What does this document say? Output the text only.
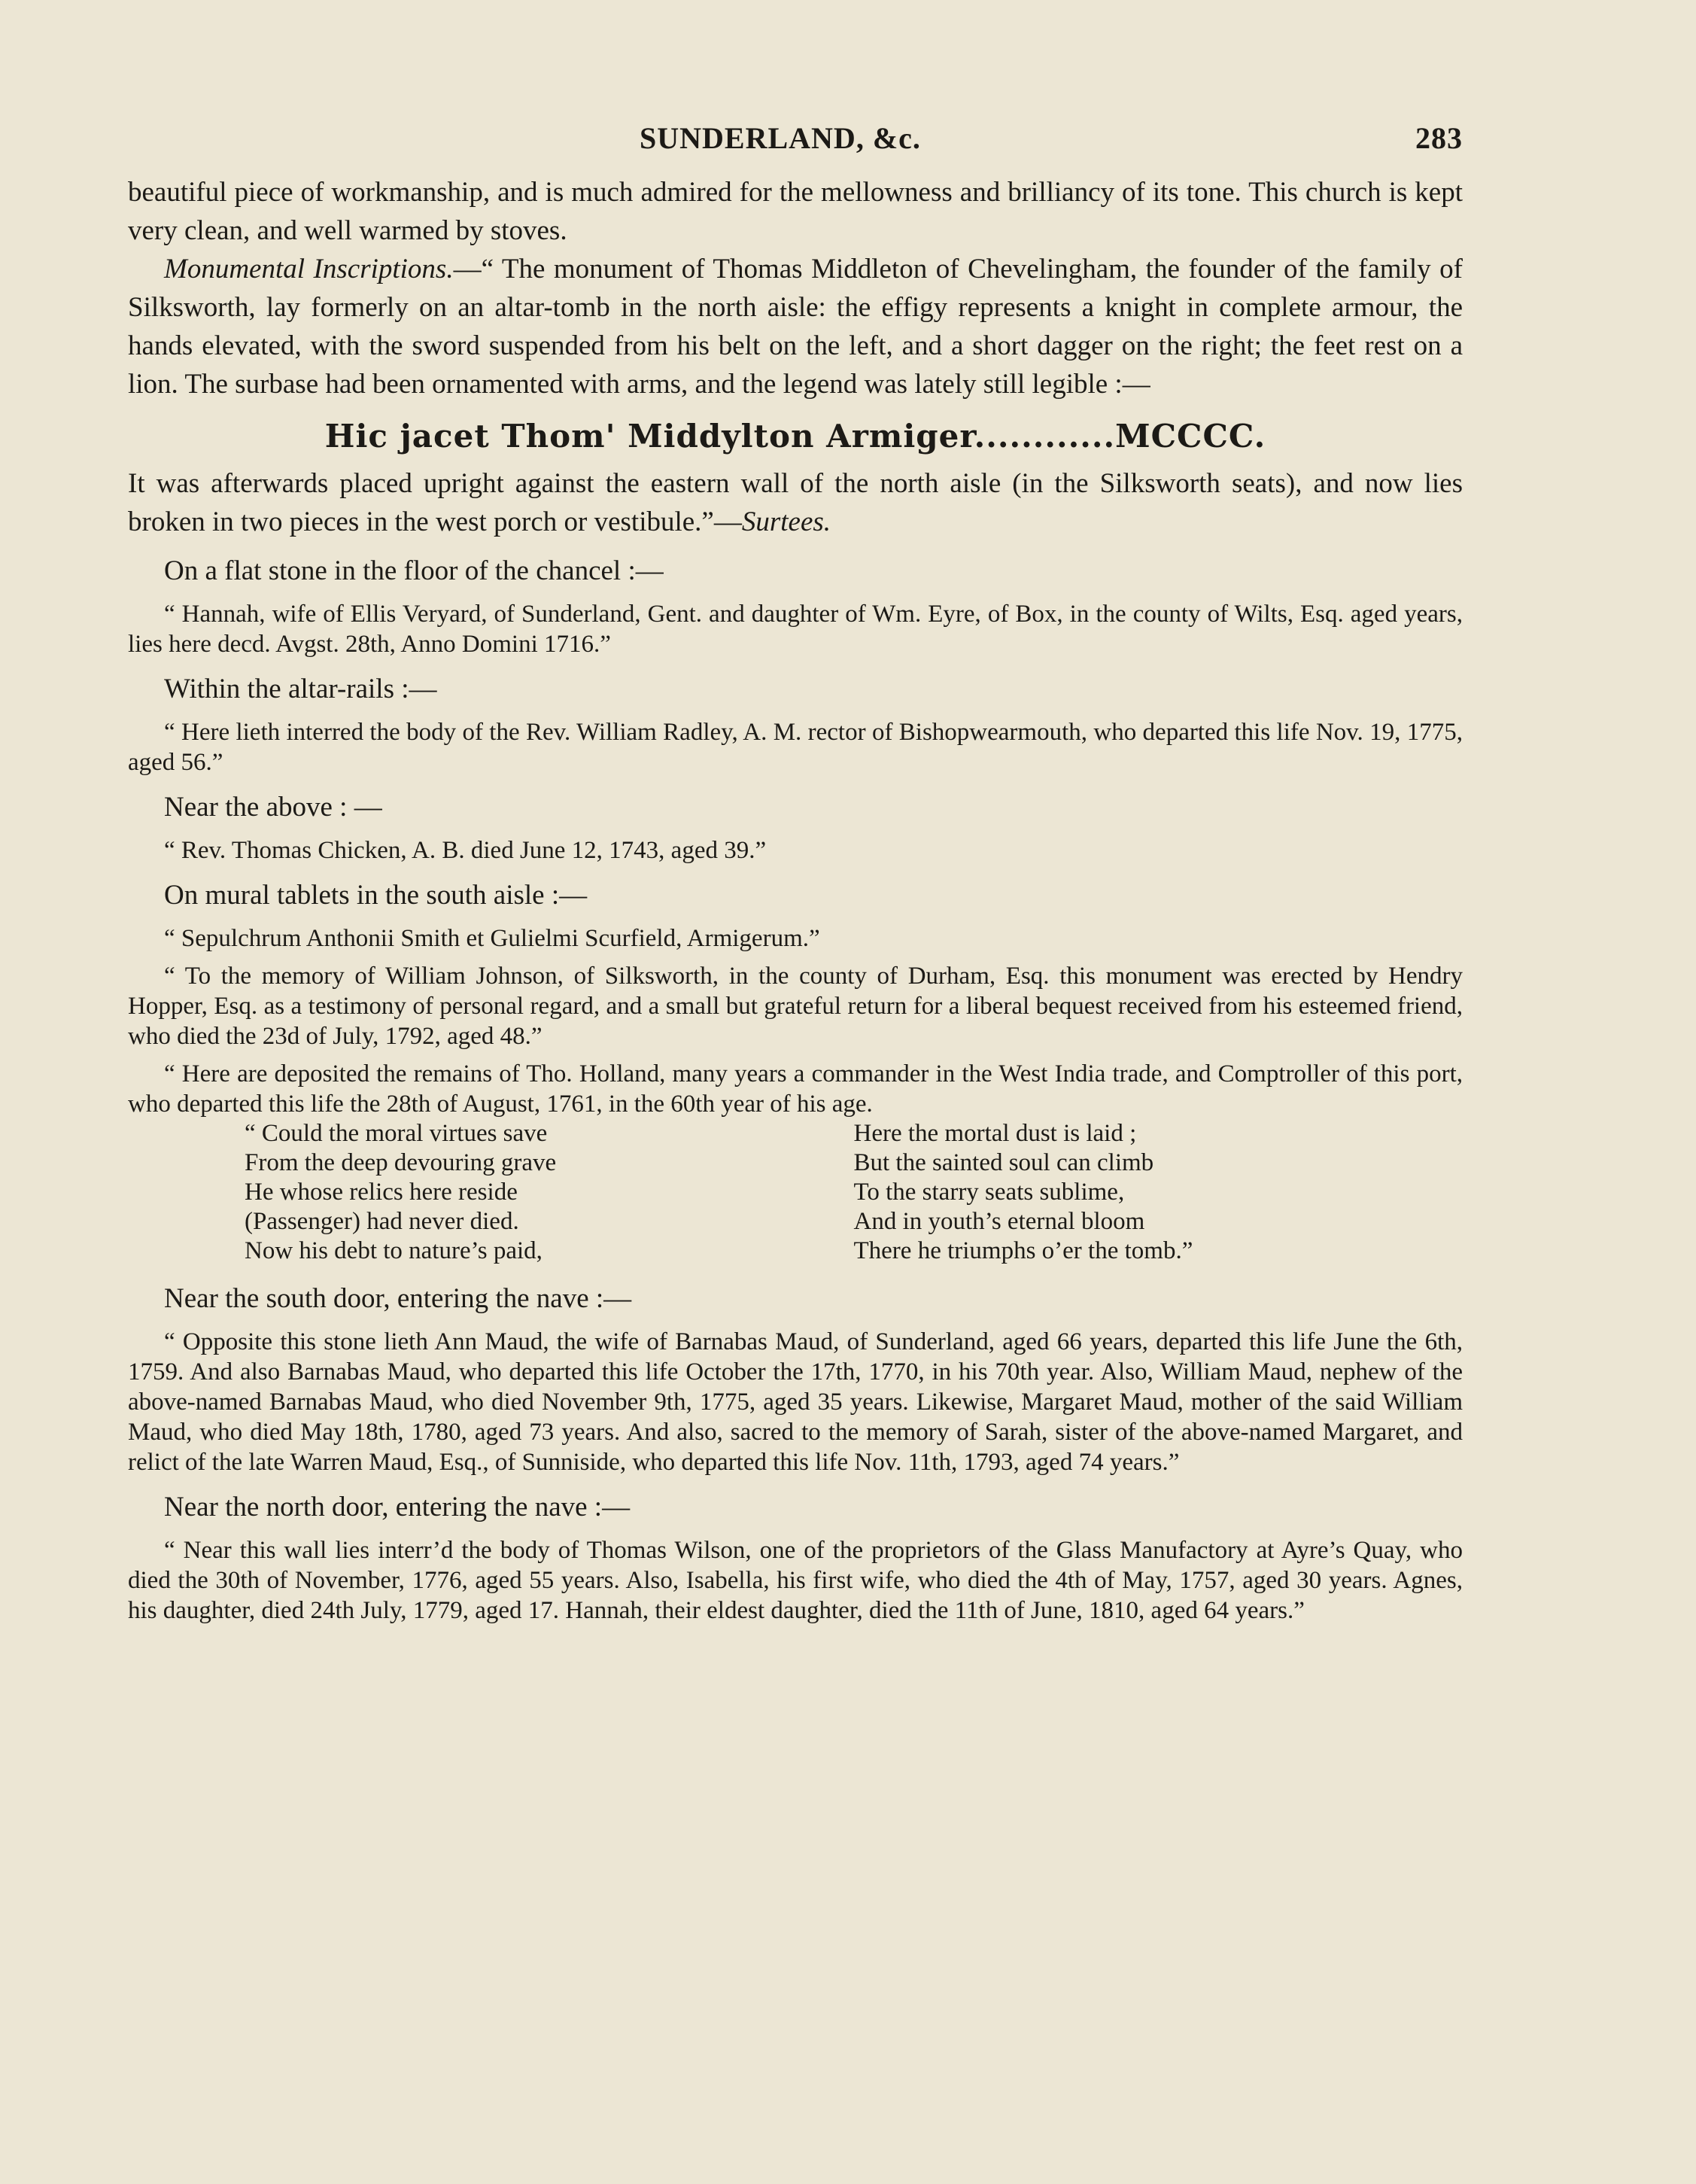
SUNDERLAND, &c.	283

beautiful piece of workmanship, and is much admired for the mellowness and brilliancy of its tone. This church is kept very clean, and well warmed by stoves.

Monumental Inscriptions.—“ The monument of Thomas Middleton of Chevelingham, the founder of the family of Silksworth, lay formerly on an altar-tomb in the north aisle: the effigy represents a knight in complete armour, the hands elevated, with the sword suspended from his belt on the left, and a short dagger on the right; the feet rest on a lion. The surbase had been ornamented with arms, and the legend was lately still legible :—

Hic jacet Thom' Middylton Armiger............MCCCC.

It was afterwards placed upright against the eastern wall of the north aisle (in the Silksworth seats), and now lies broken in two pieces in the west porch or vestibule.”—Surtees.

On a flat stone in the floor of the chancel :—

“ Hannah, wife of Ellis Veryard, of Sunderland, Gent. and daughter of Wm. Eyre, of Box, in the county of Wilts, Esq. aged years, lies here decd. Avgst. 28th, Anno Domini 1716.”

Within the altar-rails :—

“ Here lieth interred the body of the Rev. William Radley, A. M. rector of Bishopwearmouth, who departed this life Nov. 19, 1775, aged 56.”

Near the above : —

“ Rev. Thomas Chicken, A. B. died June 12, 1743, aged 39.”

On mural tablets in the south aisle :—

“ Sepulchrum Anthonii Smith et Gulielmi Scurfield, Armigerum.”

“ To the memory of William Johnson, of Silksworth, in the county of Durham, Esq. this monument was erected by Hendry Hopper, Esq. as a testimony of personal regard, and a small but grateful return for a liberal bequest received from his esteemed friend, who died the 23d of July, 1792, aged 48.”

“ Here are deposited the remains of Tho. Holland, many years a commander in the West India trade, and Comptroller of this port, who departed this life the 28th of August, 1761, in the 60th year of his age.

“ Could the moral virtues save
From the deep devouring grave
He whose relics here reside
(Passenger) had never died.
Now his debt to nature’s paid,
Here the mortal dust is laid ;
But the sainted soul can climb
To the starry seats sublime,
And in youth’s eternal bloom
There he triumphs o’er the tomb.”

Near the south door, entering the nave :—

“ Opposite this stone lieth Ann Maud, the wife of Barnabas Maud, of Sunderland, aged 66 years, departed this life June the 6th, 1759. And also Barnabas Maud, who departed this life October the 17th, 1770, in his 70th year. Also, William Maud, nephew of the above-named Barnabas Maud, who died November 9th, 1775, aged 35 years. Likewise, Margaret Maud, mother of the said William Maud, who died May 18th, 1780, aged 73 years. And also, sacred to the memory of Sarah, sister of the above-named Margaret, and relict of the late Warren Maud, Esq., of Sunniside, who departed this life Nov. 11th, 1793, aged 74 years.”

Near the north door, entering the nave :—

“ Near this wall lies interr’d the body of Thomas Wilson, one of the proprietors of the Glass Manufactory at Ayre’s Quay, who died the 30th of November, 1776, aged 55 years. Also, Isabella, his first wife, who died the 4th of May, 1757, aged 30 years. Agnes, his daughter, died 24th July, 1779, aged 17. Hannah, their eldest daughter, died the 11th of June, 1810, aged 64 years.”
